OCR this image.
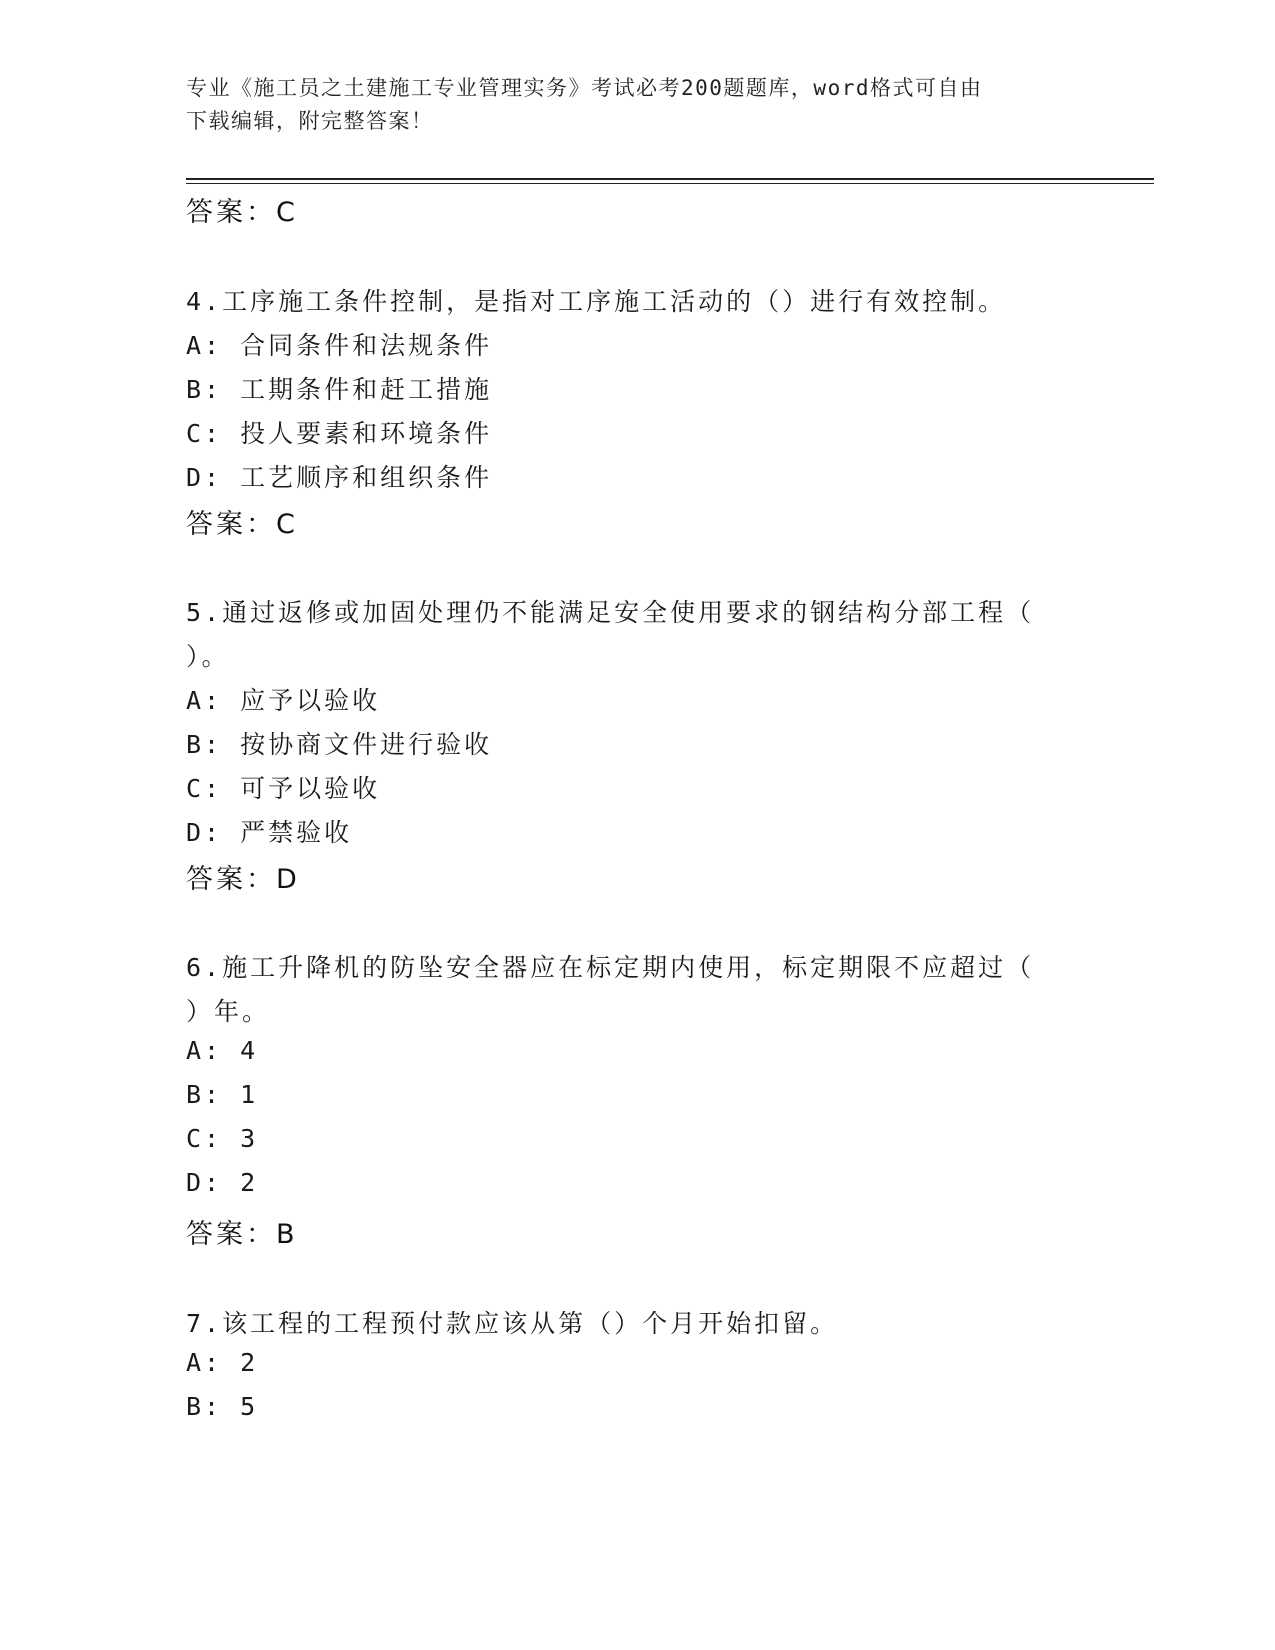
专业《施工员之土建施工专业管理实务》考试必考200题题库，word格式可自由
下载编辑，附完整答案！
答案：C
4.工序施工条件控制，是指对工序施工活动的（）进行有效控制。
A: 合同条件和法规条件
B: 工期条件和赶工措施
C: 投人要素和环境条件
D: 工艺顺序和组织条件
答案：C
5.通过返修或加固处理仍不能满足安全使用要求的钢结构分部工程（
）。
A: 应予以验收
B: 按协商文件进行验收
C: 可予以验收
D: 严禁验收
答案：D
6.施工升降机的防坠安全器应在标定期内使用，标定期限不应超过（
）年。
A: 4
B: 1
C: 3
D: 2
答案：B
7.该工程的工程预付款应该从第（）个月开始扣留。
A: 2
B: 5
